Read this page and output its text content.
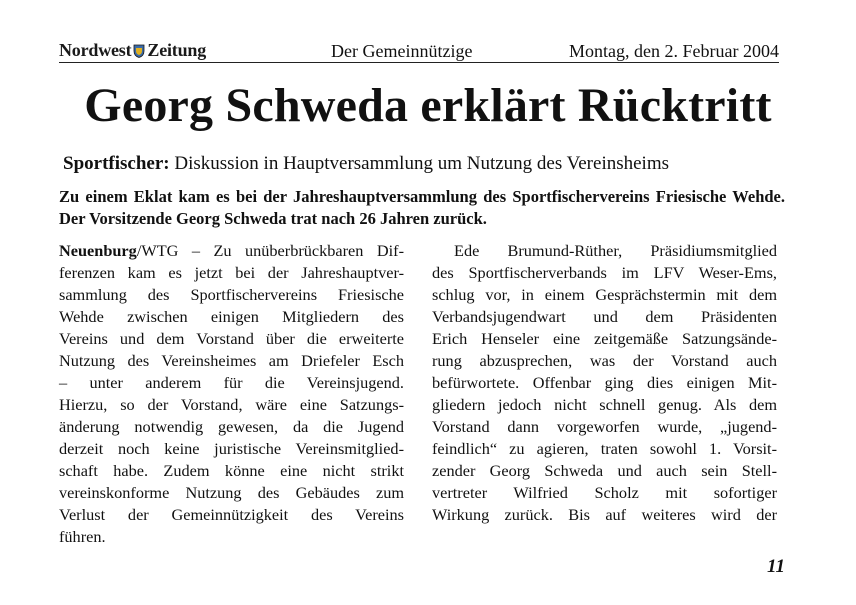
Nordwest Zeitung	Der Gemeinnützige	Montag, den 2. Februar 2004
Georg Schweda erklärt Rücktritt
Sportfischer: Diskussion in Hauptversammlung um Nutzung des Vereinsheims
Zu einem Eklat kam es bei der Jahreshauptversammlung des Sportfischervereins Friesische Wehde. Der Vorsitzende Georg Schweda trat nach 26 Jahren zurück.
Neuenburg/WTG – Zu unüberbrückbaren Dif-
ferenzen kam es jetzt bei der Jahreshauptver-
sammlung des Sportfischervereins Friesische
Wehde zwischen einigen Mitgliedern des
Vereins und dem Vorstand über die erweiterte
Nutzung des Vereinsheimes am Driefeler Esch
– unter anderem für die Vereinsjugend.
Hierzu, so der Vorstand, wäre eine Satzungs-
änderung notwendig gewesen, da die Jugend
derzeit noch keine juristische Vereinsmitglied-
schaft habe. Zudem könne eine nicht strikt
vereinskonforme Nutzung des Gebäudes zum
Verlust der Gemeinnützigkeit des Vereins
führen.
Ede Brumund-Rüther, Präsidiumsmitglied
des Sportfischerverbands im LFV Weser-Ems,
schlug vor, in einem Gesprächstermin mit dem
Verbandsjugendwart und dem Präsidenten
Erich Henseler eine zeitgemäße Satzungsände-
rung abzusprechen, was der Vorstand auch
befürwortete. Offenbar ging dies einigen Mit-
gliedern jedoch nicht schnell genug. Als dem
Vorstand dann vorgeworfen wurde, „jugend-
feindlich“ zu agieren, traten sowohl 1. Vorsit-
zender Georg Schweda und auch sein Stell-
vertreter Wilfried Scholz mit sofortiger
Wirkung zurück. Bis auf weiteres wird der
11
